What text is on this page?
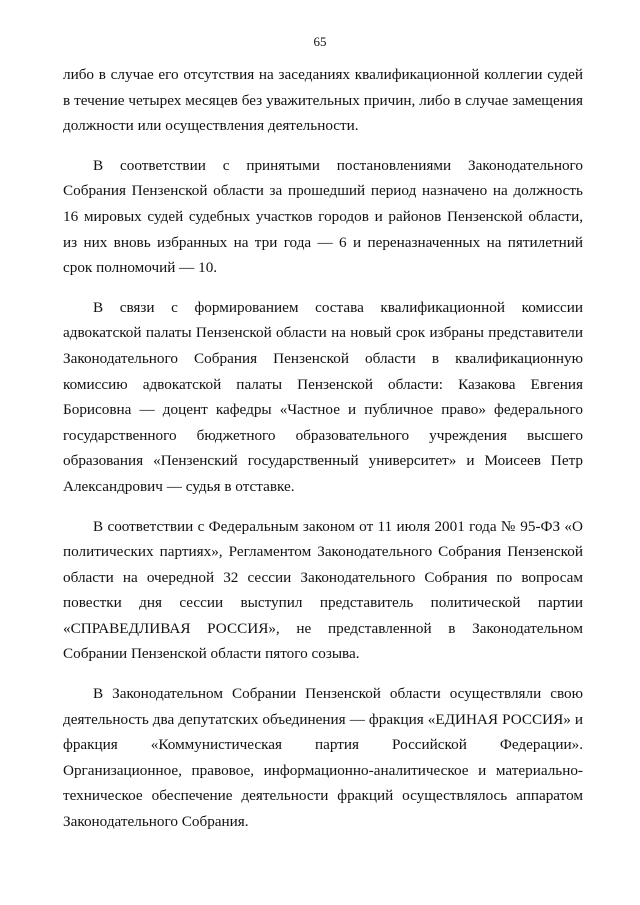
65

либо в случае его отсутствия на заседаниях квалификационной коллегии судей в течение четырех месяцев без уважительных причин, либо в случае замещения должности или осуществления деятельности.

В соответствии с принятыми постановлениями Законодательного Собрания Пензенской области за прошедший период назначено на должность 16 мировых судей судебных участков городов и районов Пензенской области, из них вновь избранных на три года — 6 и переназначенных на пятилетний срок полномочий — 10.

В связи с формированием состава квалификационной комиссии адвокатской палаты Пензенской области на новый срок избраны представители Законодательного Собрания Пензенской области в квалификационную комиссию адвокатской палаты Пензенской области: Казакова Евгения Борисовна — доцент кафедры «Частное и публичное право» федерального государственного бюджетного образовательного учреждения высшего образования «Пензенский государственный университет» и Моисеев Петр Александрович — судья в отставке.

В соответствии с Федеральным законом от 11 июля 2001 года № 95-ФЗ «О политических партиях», Регламентом Законодательного Собрания Пензенской области на очередной 32 сессии Законодательного Собрания по вопросам повестки дня сессии выступил представитель политической партии «СПРАВЕДЛИВАЯ РОССИЯ», не представленной в Законодательном Собрании Пензенской области пятого созыва.

В Законодательном Собрании Пензенской области осуществляли свою деятельность два депутатских объединения — фракция «ЕДИНАЯ РОССИЯ» и фракция «Коммунистическая партия Российской Федерации». Организационное, правовое, информационно-аналитическое и материально-техническое обеспечение деятельности фракций осуществлялось аппаратом Законодательного Собрания.
